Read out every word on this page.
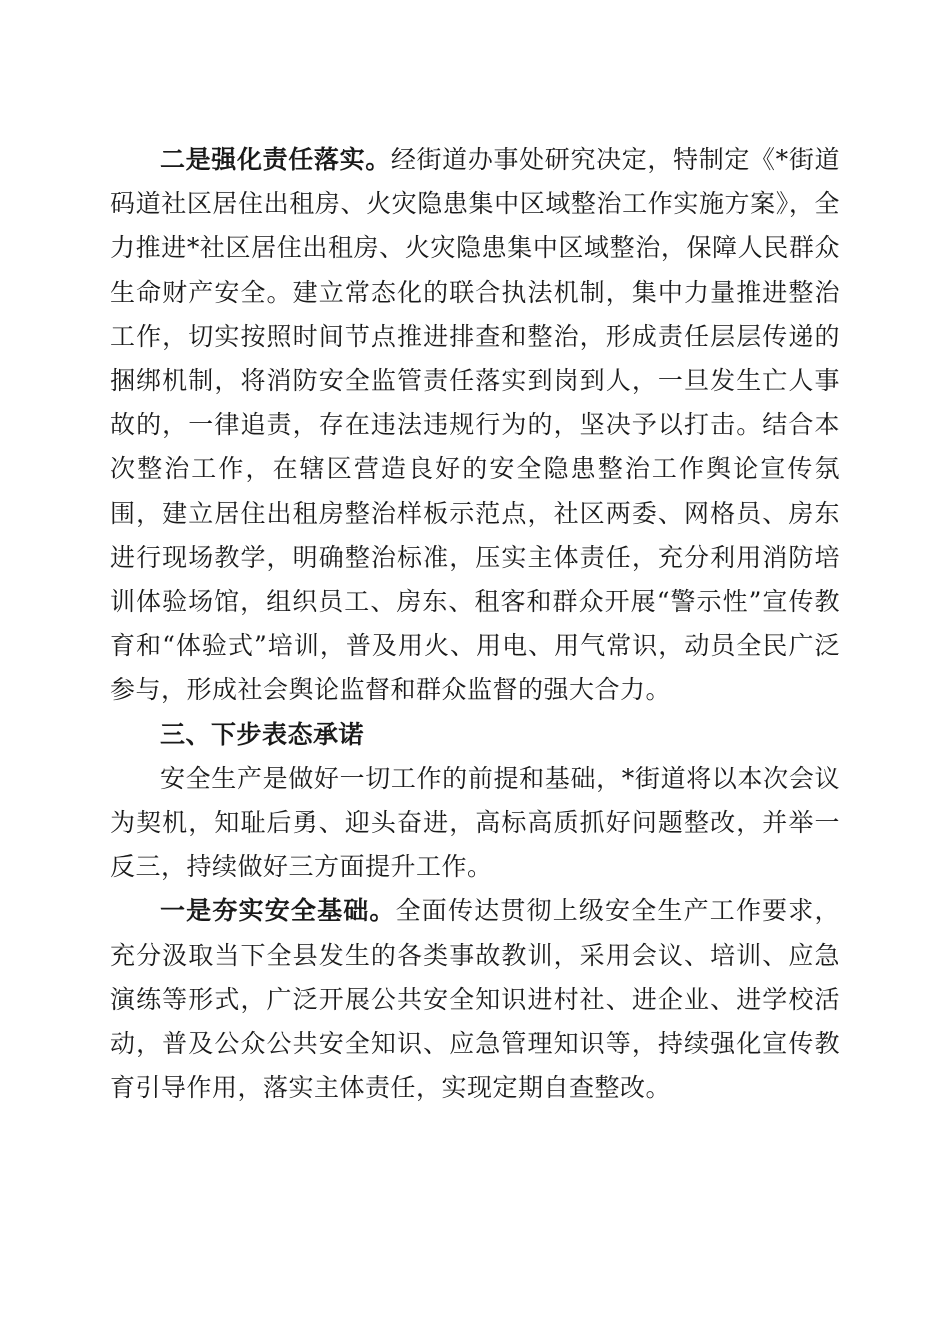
二是强化责任落实。经街道办事处研究决定，特制定《*街道码道社区居住出租房、火灾隐患集中区域整治工作实施方案》，全力推进*社区居住出租房、火灾隐患集中区域整治，保障人民群众生命财产安全。建立常态化的联合执法机制，集中力量推进整治工作，切实按照时间节点推进排查和整治，形成责任层层传递的捆绑机制，将消防安全监管责任落实到岗到人，一旦发生亡人事故的，一律追责，存在违法违规行为的，坚决予以打击。结合本次整治工作，在辖区营造良好的安全隐患整治工作舆论宣传氛围，建立居住出租房整治样板示范点，社区两委、网格员、房东进行现场教学，明确整治标准，压实主体责任，充分利用消防培训体验场馆，组织员工、房东、租客和群众开展“警示性”宣传教育和“体验式”培训，普及用火、用电、用气常识，动员全民广泛参与，形成社会舆论监督和群众监督的强大合力。

三、下步表态承诺

安全生产是做好一切工作的前提和基础，*街道将以本次会议为契机，知耻后勇、迎头奋进，高标高质抓好问题整改，并举一反三，持续做好三方面提升工作。

一是夯实安全基础。全面传达贯彻上级安全生产工作要求，充分汲取当下全县发生的各类事故教训，采用会议、培训、应急演练等形式，广泛开展公共安全知识进村社、进企业、进学校活动，普及公众公共安全知识、应急管理知识等，持续强化宣传教育引导作用，落实主体责任，实现定期自查整改。
